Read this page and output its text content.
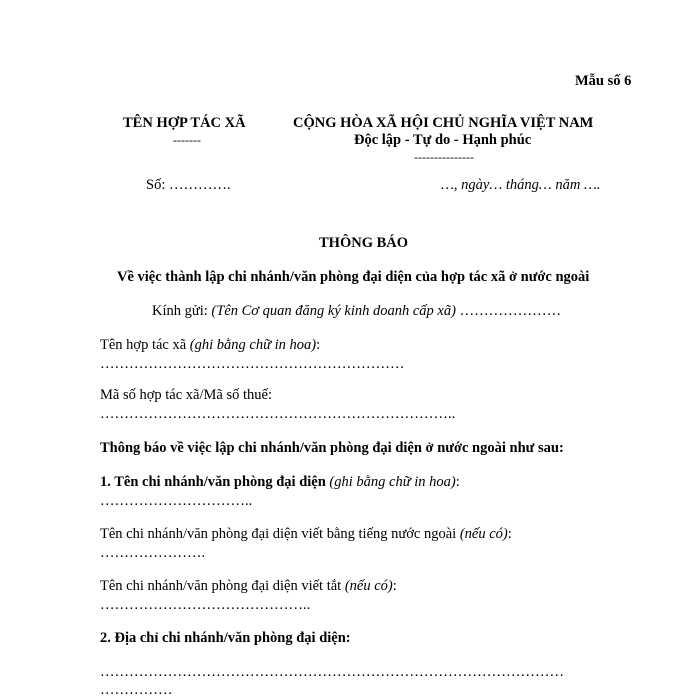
Mẫu số 6
TÊN HỢP TÁC XÃ
-------
CỘNG HÒA XÃ HỘI CHỦ NGHĨA VIỆT NAM
Độc lập - Tự do - Hạnh phúc
---------------
Số: ………….	…, ngày… tháng… năm ….
THÔNG BÁO
Về việc thành lập chi nhánh/văn phòng đại diện của hợp tác xã ở nước ngoài
Kính gửi: (Tên Cơ quan đăng ký kinh doanh cấp xã) …………………
Tên hợp tác xã (ghi bằng chữ in hoa):
………………………………………………………
Mã số hợp tác xã/Mã số thuế:
………………………………………………………………..
Thông báo về việc lập chi nhánh/văn phòng đại diện ở nước ngoài như sau:
1. Tên chi nhánh/văn phòng đại diện (ghi bằng chữ in hoa):
…………………………..
Tên chi nhánh/văn phòng đại diện viết bằng tiếng nước ngoài (nếu có):
………………….
Tên chi nhánh/văn phòng đại diện viết tắt (nếu có):
……………………………………..
2. Địa chỉ chi nhánh/văn phòng đại diện:
……………………………………………………………………………………
……………
